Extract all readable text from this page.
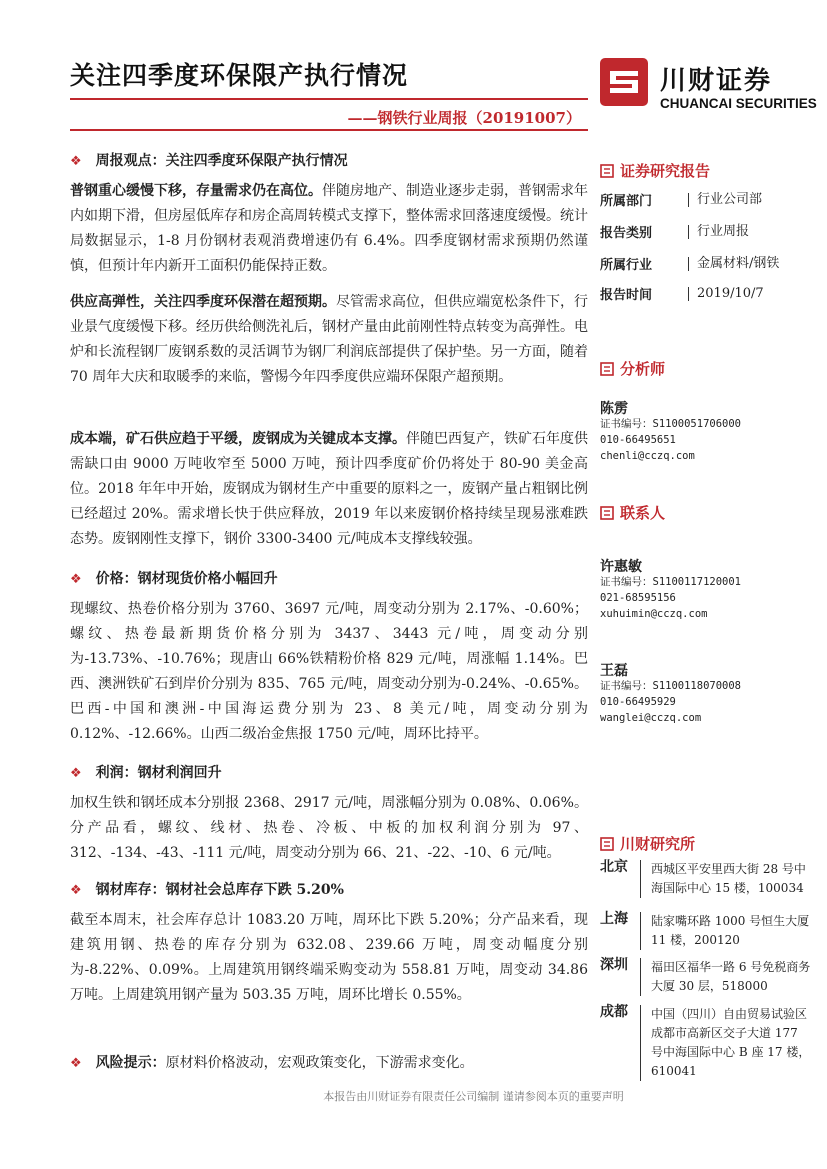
关注四季度环保限产执行情况
——钢铁行业周报（20191007）
川财证券
CHUANCAI SECURITIES
❖ 周报观点：关注四季度环保限产执行情况

普钢重心缓慢下移，存量需求仍在高位。伴随房地产、制造业逐步走弱，普钢需求年内如期下滑，但房屋低库存和房企高周转模式支撑下，整体需求回落速度缓慢。统计局数据显示，1-8 月份钢材表观消费增速仍有 6.4%。四季度钢材需求预期仍然谨慎，但预计年内新开工面积仍能保持正数。

供应高弹性，关注四季度环保潜在超预期。尽管需求高位，但供应端宽松条件下，行业景气度缓慢下移。经历供给侧洗礼后，钢材产量由此前刚性特点转变为高弹性。电炉和长流程钢厂废钢系数的灵活调节为钢厂利润底部提供了保护垫。另一方面，随着 70 周年大庆和取暖季的来临，警惕今年四季度供应端环保限产超预期。

成本端，矿石供应趋于平缓，废钢成为关键成本支撑。伴随巴西复产，铁矿石年度供需缺口由 9000 万吨收窄至 5000 万吨，预计四季度矿价仍将处于 80-90 美金高位。2018 年年中开始，废钢成为钢材生产中重要的原料之一，废钢产量占粗钢比例已经超过 20%。需求增长快于供应释放，2019 年以来废钢价格持续呈现易涨难跌态势。废钢刚性支撑下，钢价 3300-3400 元/吨成本支撑线较强。

❖ 价格：钢材现货价格小幅回升

现螺纹、热卷价格分别为 3760、3697 元/吨，周变动分别为 2.17%、-0.60%；螺纹、热卷最新期货价格分别为 3437、3443 元/吨，周变动分别为-13.73%、-10.76%；现唐山 66%铁精粉价格 829 元/吨，周涨幅 1.14%。巴西、澳洲铁矿石到岸价分别为 835、765 元/吨，周变动分别为-0.24%、-0.65%。巴西-中国和澳洲-中国海运费分别为 23、8 美元/吨，周变动分别为 0.12%、-12.66%。山西二级冶金焦报 1750 元/吨，周环比持平。

❖ 利润：钢材利润回升

加权生铁和钢坯成本分别报 2368、2917 元/吨，周涨幅分别为 0.08%、0.06%。分产品看，螺纹、线材、热卷、冷板、中板的加权利润分别为 97、312、-134、-43、-111 元/吨，周变动分别为 66、21、-22、-10、6 元/吨。

❖ 钢材库存：钢材社会总库存下跌 5.20%

截至本周末，社会库存总计 1083.20 万吨，周环比下跌 5.20%；分产品来看，现建筑用钢、热卷的库存分别为 632.08、239.66 万吨，周变动幅度分别为-8.22%、0.09%。上周建筑用钢终端采购变动为 558.81 万吨，周变动 34.86 万吨。上周建筑用钢产量为 503.35 万吨，周环比增长 0.55%。

❖ 风险提示：原材料价格波动，宏观政策变化，下游需求变化。
证券研究报告
所属部门	行业公司部
报告类别	行业周报
所属行业	金属材料/钢铁
报告时间	2019/10/7
分析师
陈雳
证书编号：S1100051706000
010-66495651
chenli@cczq.com
联系人
许惠敏
证书编号：S1100117120001
021-68595156
xuhuimin@cczq.com
王磊
证书编号：S1100118070008
010-66495929
wanglei@cczq.com
川财研究所
北京	西城区平安里西大街 28 号中海国际中心 15 楼，100034
上海	陆家嘴环路 1000 号恒生大厦 11 楼，200120
深圳	福田区福华一路 6 号免税商务大厦 30 层，518000
成都	中国（四川）自由贸易试验区成都市高新区交子大道 177 号中海国际中心 B 座 17 楼，610041
本报告由川财证券有限责任公司编制 谨请参阅本页的重要声明
